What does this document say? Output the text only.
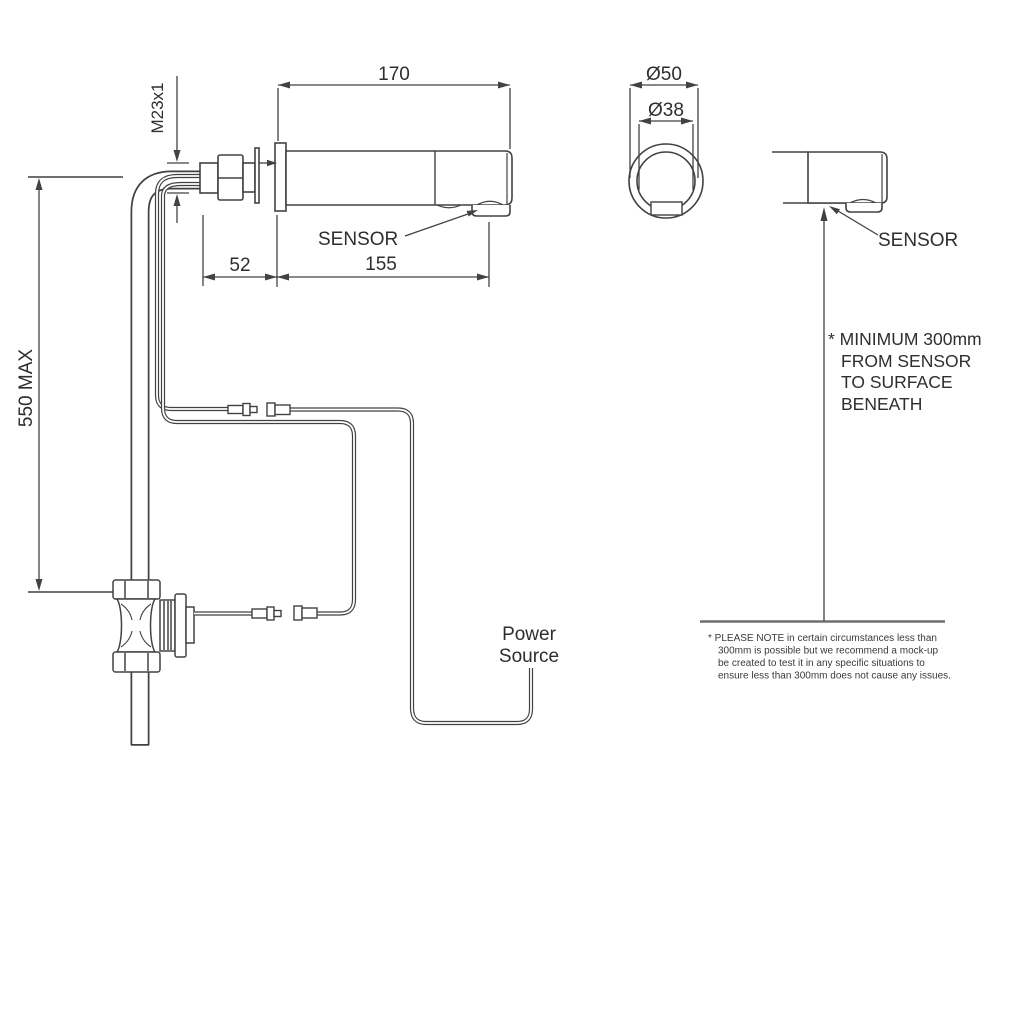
170
M23x1
52	155
550 MAX
Ø50
Ø38
SENSOR	SENSOR
Power
Source
* MINIMUM 300mm
FROM SENSOR
TO SURFACE
BENEATH
* PLEASE NOTE in certain circumstances less than
300mm is possible but we recommend a mock-up
be created to test it in any specific situations to
ensure less than 300mm does not cause any issues.
